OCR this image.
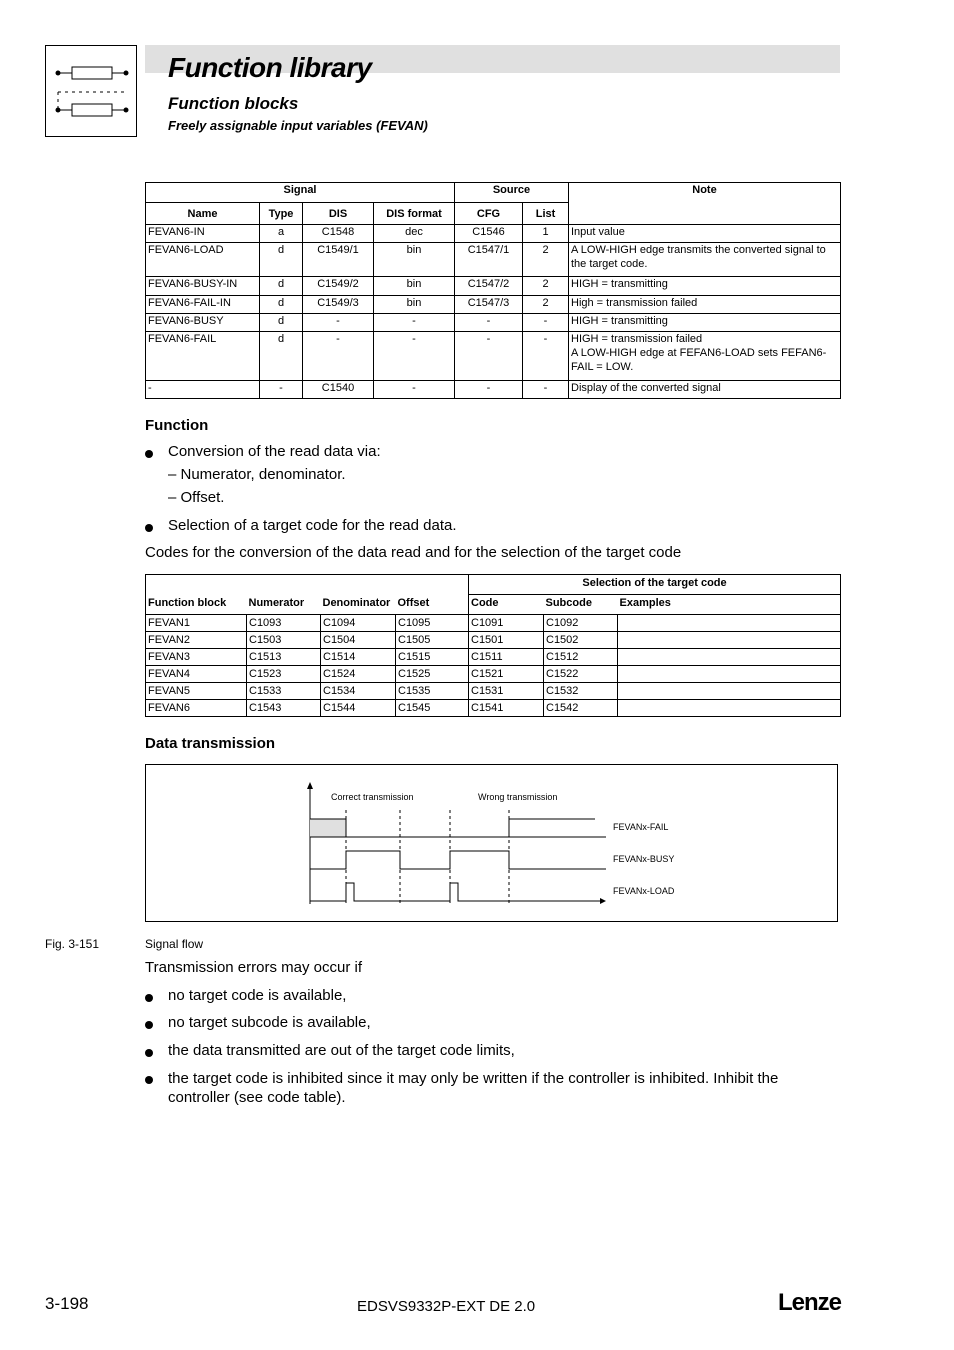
Function library
Function blocks
Freely assignable input variables (FEVAN)
Signal				Source		Note
Name	Type	DIS	DIS format	CFG	List	
FEVAN6-IN	a	C1548	dec	C1546	1	Input value
FEVAN6-LOAD	d	C1549/1	bin	C1547/1	2	A LOW-HIGH edge transmits the converted signal to the target code.
FEVAN6-BUSY-IN	d	C1549/2	bin	C1547/2	2	HIGH = transmitting
FEVAN6-FAIL-IN	d	C1549/3	bin	C1547/3	2	High = transmission failed
FEVAN6-BUSY	d	-	-	-	-	HIGH = transmitting
FEVAN6-FAIL	d	-	-	-	-	HIGH = transmission failed
A LOW-HIGH edge at FEFAN6-LOAD sets FEFAN6-FAIL = LOW.

-	-	C1540	-	-	-	Display of the converted signal
Function
Conversion of the read data via:
– Numerator, denominator.
– Offset.
Selection of a target code for the read data.
Codes for the conversion of the data read and for the selection of the target code
				Selection of the target code		
Function block	Numerator	Denominator	Offset	Code	Subcode	Examples
FEVAN1	C1093	C1094	C1095	C1091	C1092	
FEVAN2	C1503	C1504	C1505	C1501	C1502	
FEVAN3	C1513	C1514	C1515	C1511	C1512	
FEVAN4	C1523	C1524	C1525	C1521	C1522	
FEVAN5	C1533	C1534	C1535	C1531	C1532	
FEVAN6	C1543	C1544	C1545	C1541	C1542	
Data transmission
Correct transmission	Wrong transmission
FEVANx-FAIL
FEVANx-BUSY
FEVANx-LOAD
Fig. 3-151	Signal flow
Transmission errors may occur if
no target code is available,
no target subcode is available,
the data transmitted are out of the target code limits,
the target code is inhibited since it may only be written if the controller is inhibited. Inhibit the controller (see code table).
3-198	EDSVS9332P-EXT DE 2.0	Lenze
